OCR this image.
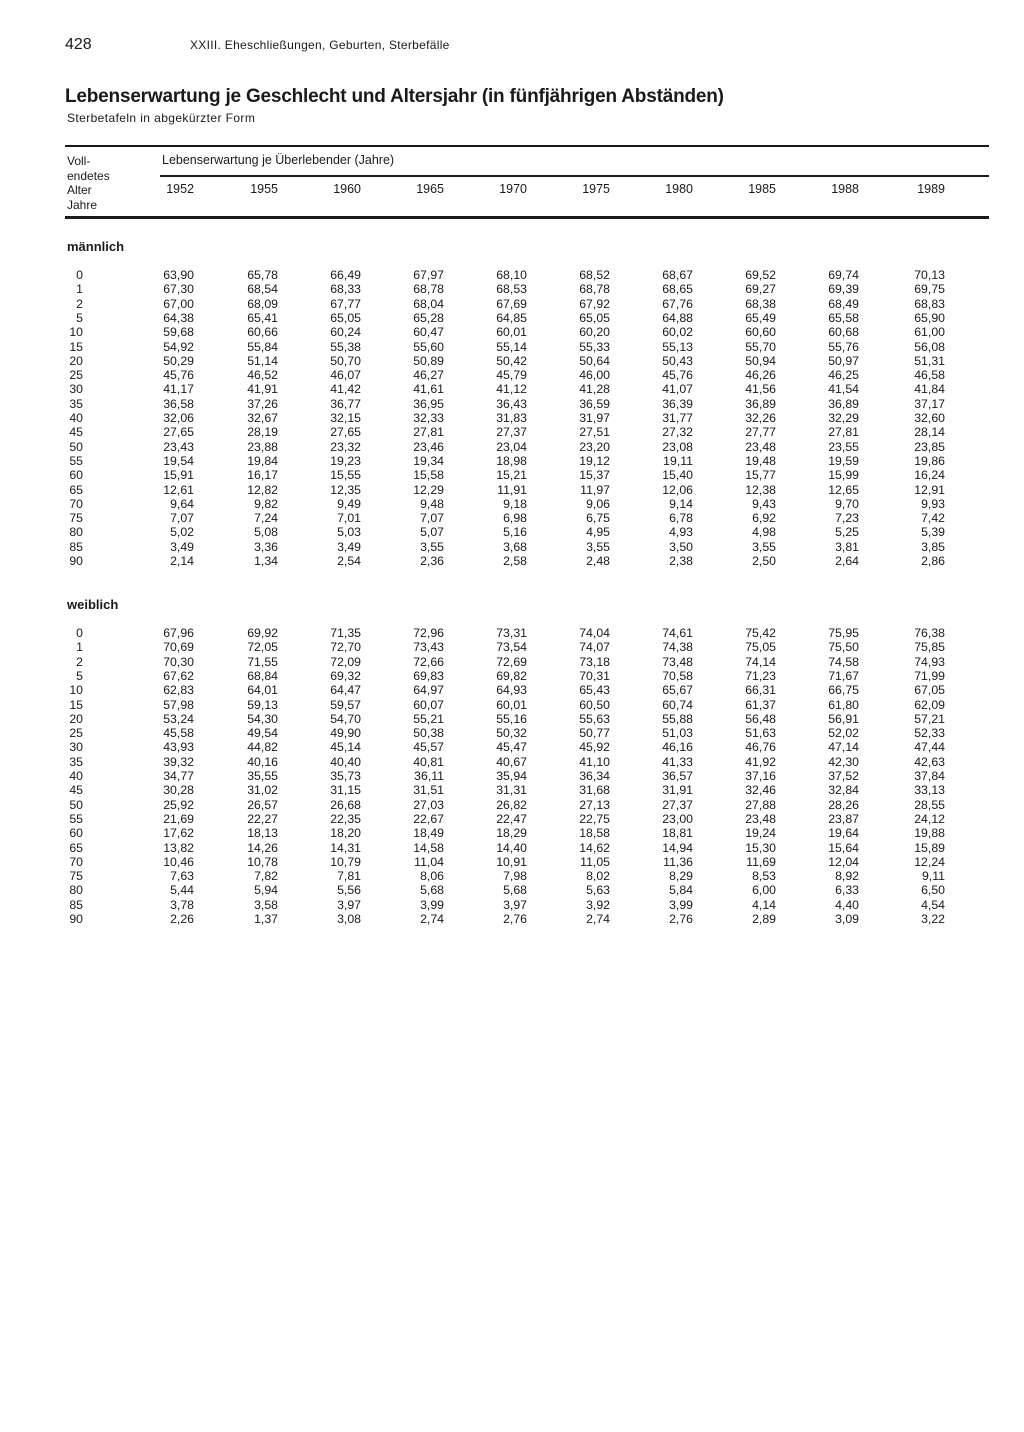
428	XXIII. Eheschließungen, Geburten, Sterbefälle
Lebenserwartung je Geschlecht und Altersjahr (in fünfjährigen Abständen)
Sterbetafeln in abgekürzter Form
Voll-
endetes
Alter
Jahre
Lebenserwartung je Überlebender (Jahre)
1952	1955	1960	1965	1970	1975	1980	1985	1988	1989
männlich
0	63,90	65,78	66,49	67,97	68,10	68,52	68,67	69,52	69,74	70,13
1	67,30	68,54	68,33	68,78	68,53	68,78	68,65	69,27	69,39	69,75
2	67,00	68,09	67,77	68,04	67,69	67,92	67,76	68,38	68,49	68,83
5	64,38	65,41	65,05	65,28	64,85	65,05	64,88	65,49	65,58	65,90
10	59,68	60,66	60,24	60,47	60,01	60,20	60,02	60,60	60,68	61,00
15	54,92	55,84	55,38	55,60	55,14	55,33	55,13	55,70	55,76	56,08
20	50,29	51,14	50,70	50,89	50,42	50,64	50,43	50,94	50,97	51,31
25	45,76	46,52	46,07	46,27	45,79	46,00	45,76	46,26	46,25	46,58
30	41,17	41,91	41,42	41,61	41,12	41,28	41,07	41,56	41,54	41,84
35	36,58	37,26	36,77	36,95	36,43	36,59	36,39	36,89	36,89	37,17
40	32,06	32,67	32,15	32,33	31,83	31,97	31,77	32,26	32,29	32,60
45	27,65	28,19	27,65	27,81	27,37	27,51	27,32	27,77	27,81	28,14
50	23,43	23,88	23,32	23,46	23,04	23,20	23,08	23,48	23,55	23,85
55	19,54	19,84	19,23	19,34	18,98	19,12	19,11	19,48	19,59	19,86
60	15,91	16,17	15,55	15,58	15,21	15,37	15,40	15,77	15,99	16,24
65	12,61	12,82	12,35	12,29	11,91	11,97	12,06	12,38	12,65	12,91
70	9,64	9,82	9,49	9,48	9,18	9,06	9,14	9,43	9,70	9,93
75	7,07	7,24	7,01	7,07	6,98	6,75	6,78	6,92	7,23	7,42
80	5,02	5,08	5,03	5,07	5,16	4,95	4,93	4,98	5,25	5,39
85	3,49	3,36	3,49	3,55	3,68	3,55	3,50	3,55	3,81	3,85
90	2,14	1,34	2,54	2,36	2,58	2,48	2,38	2,50	2,64	2,86
weiblich
0	67,96	69,92	71,35	72,96	73,31	74,04	74,61	75,42	75,95	76,38
1	70,69	72,05	72,70	73,43	73,54	74,07	74,38	75,05	75,50	75,85
2	70,30	71,55	72,09	72,66	72,69	73,18	73,48	74,14	74,58	74,93
5	67,62	68,84	69,32	69,83	69,82	70,31	70,58	71,23	71,67	71,99
10	62,83	64,01	64,47	64,97	64,93	65,43	65,67	66,31	66,75	67,05
15	57,98	59,13	59,57	60,07	60,01	60,50	60,74	61,37	61,80	62,09
20	53,24	54,30	54,70	55,21	55,16	55,63	55,88	56,48	56,91	57,21
25	45,58	49,54	49,90	50,38	50,32	50,77	51,03	51,63	52,02	52,33
30	43,93	44,82	45,14	45,57	45,47	45,92	46,16	46,76	47,14	47,44
35	39,32	40,16	40,40	40,81	40,67	41,10	41,33	41,92	42,30	42,63
40	34,77	35,55	35,73	36,11	35,94	36,34	36,57	37,16	37,52	37,84
45	30,28	31,02	31,15	31,51	31,31	31,68	31,91	32,46	32,84	33,13
50	25,92	26,57	26,68	27,03	26,82	27,13	27,37	27,88	28,26	28,55
55	21,69	22,27	22,35	22,67	22,47	22,75	23,00	23,48	23,87	24,12
60	17,62	18,13	18,20	18,49	18,29	18,58	18,81	19,24	19,64	19,88
65	13,82	14,26	14,31	14,58	14,40	14,62	14,94	15,30	15,64	15,89
70	10,46	10,78	10,79	11,04	10,91	11,05	11,36	11,69	12,04	12,24
75	7,63	7,82	7,81	8,06	7,98	8,02	8,29	8,53	8,92	9,11
80	5,44	5,94	5,56	5,68	5,68	5,63	5,84	6,00	6,33	6,50
85	3,78	3,58	3,97	3,99	3,97	3,92	3,99	4,14	4,40	4,54
90	2,26	1,37	3,08	2,74	2,76	2,74	2,76	2,89	3,09	3,22
